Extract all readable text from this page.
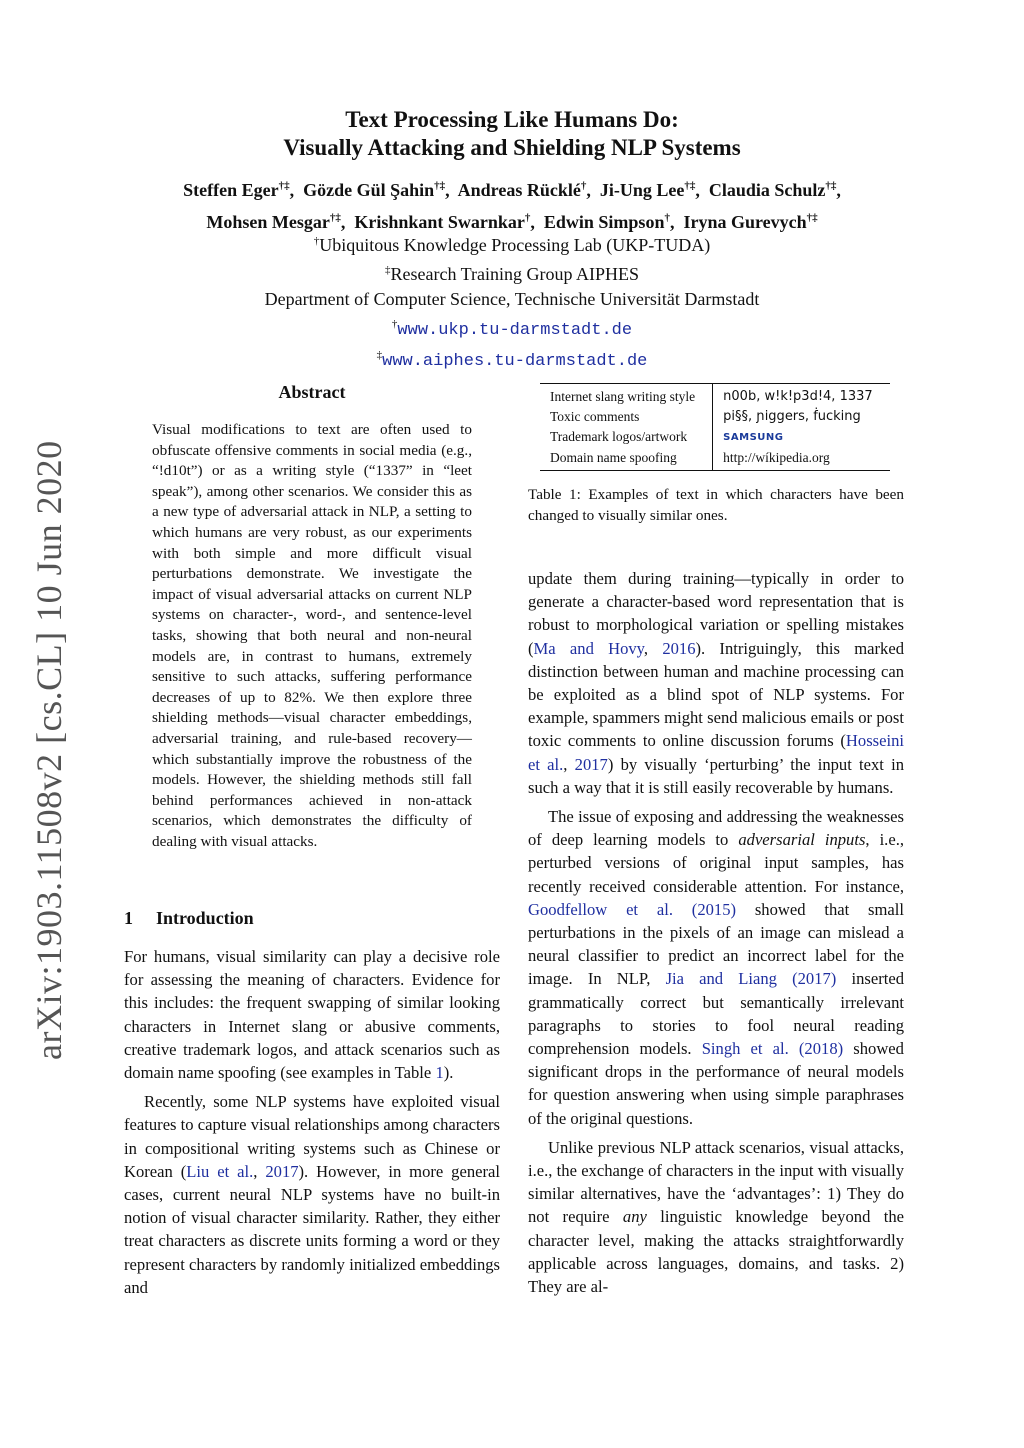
arXiv:1903.11508v2 [cs.CL] 10 Jun 2020
Text Processing Like Humans Do:
Visually Attacking and Shielding NLP Systems
Steffen Eger†‡,  Gözde Gül Şahin†‡,  Andreas Rücklé†,  Ji-Ung Lee†‡,  Claudia Schulz†‡,
Mohsen Mesgar†‡,  Krishnkant Swarnkar†,  Edwin Simpson†,  Iryna Gurevych†‡
†Ubiquitous Knowledge Processing Lab (UKP-TUDA)
‡Research Training Group AIPHES
Department of Computer Science, Technische Universität Darmstadt
†www.ukp.tu-darmstadt.de
‡www.aiphes.tu-darmstadt.de
Abstract
Visual modifications to text are often used to obfuscate offensive comments in social media (e.g., “!d10t”) or as a writing style (“1337” in “leet speak”), among other scenarios. We consider this as a new type of adversarial attack in NLP, a setting to which humans are very robust, as our experiments with both simple and more difficult visual perturbations demonstrate. We investigate the impact of visual adversarial attacks on current NLP systems on character-, word-, and sentence-level tasks, showing that both neural and non-neural models are, in contrast to humans, extremely sensitive to such attacks, suffering performance decreases of up to 82%. We then explore three shielding methods—visual character embeddings, adversarial training, and rule-based recovery—which substantially improve the robustness of the models. However, the shielding methods still fall behind performances achieved in non-attack scenarios, which demonstrates the difficulty of dealing with visual attacks.
1 Introduction

For humans, visual similarity can play a decisive role for assessing the meaning of characters. Evidence for this includes: the frequent swapping of similar looking characters in Internet slang or abusive comments, creative trademark logos, and attack scenarios such as domain name spoofing (see examples in Table 1).

Recently, some NLP systems have exploited visual features to capture visual relationships among characters in compositional writing systems such as Chinese or Korean (Liu et al., 2017). However, in more general cases, current neural NLP systems have no built-in notion of visual character similarity. Rather, they either treat characters as discrete units forming a word or they represent characters by randomly initialized embeddings and

Internet slang writing style	n00b, w!k!p3d!4, 1337
Toxic comments	pi§§, ɲiggers, ḟucking
Trademark logos/artwork	SAMSUNG
Domain name spoofing	http://wíkipedia.org
Table 1: Examples of text in which characters have been changed to visually similar ones.

update them during training—typically in order to generate a character-based word representation that is robust to morphological variation or spelling mistakes (Ma and Hovy, 2016). Intriguingly, this marked distinction between human and machine processing can be exploited as a blind spot of NLP systems. For example, spammers might send malicious emails or post toxic comments to online discussion forums (Hosseini et al., 2017) by visually ‘perturbing’ the input text in such a way that it is still easily recoverable by humans.

The issue of exposing and addressing the weaknesses of deep learning models to adversarial inputs, i.e., perturbed versions of original input samples, has recently received considerable attention. For instance, Goodfellow et al. (2015) showed that small perturbations in the pixels of an image can mislead a neural classifier to predict an incorrect label for the image. In NLP, Jia and Liang (2017) inserted grammatically correct but semantically irrelevant paragraphs to stories to fool neural reading comprehension models. Singh et al. (2018) showed significant drops in the performance of neural models for question answering when using simple paraphrases of the original questions.

Unlike previous NLP attack scenarios, visual attacks, i.e., the exchange of characters in the input with visually similar alternatives, have the ‘advantages’: 1) They do not require any linguistic knowledge beyond the character level, making the attacks straightforwardly applicable across languages, domains, and tasks. 2) They are al-
